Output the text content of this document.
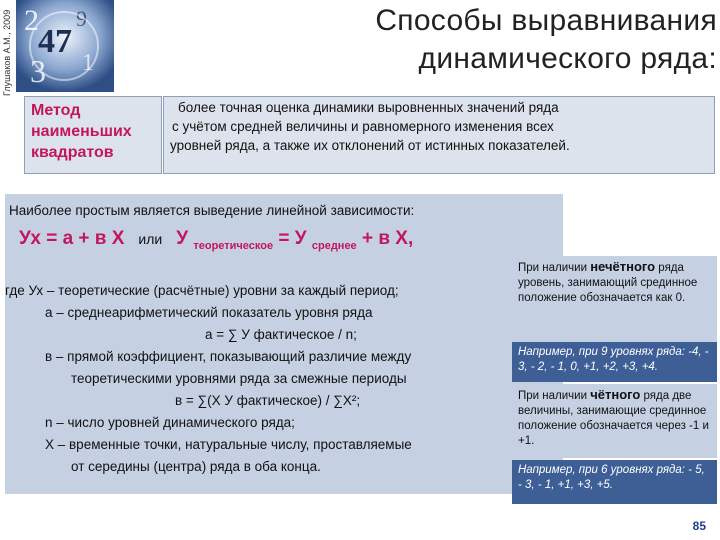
Глушаков А.М., 2009 2
47
3
9
1
Способы выравнивания
динамического ряда:
Метод
наименьших
квадратов
более точная оценка динамики выровненных значений ряда
с учётом средней величины и равномерного изменения всех
уровней ряда, а также их отклонений от истинных показателей.
Наиболее простым является выведение линейной зависимости:
Ух = а + в Х или У $_{теоретическое}$ = У $_{среднее}$ + в Х,
где Ух – теоретические (расчётные) уровни за каждый период;
а – среднеарифметический показатель уровня ряда
а = ∑ У фактическое / n;
в – прямой коэффициент, показывающий различие между
теоретическими уровнями ряда за смежные периоды
в = ∑(Х У фактическое) / ∑Х²;
n – число уровней динамического ряда;
Х – временные точки, натуральные числу, проставляемые
от середины (центра) ряда в оба конца.
При наличии нечётного ряда уровень, занимающий срединное положение обозначается как 0.
Например, при 9 уровнях ряда: -4, - 3, - 2, - 1, 0, +1, +2, +3, +4.
При наличии чётного ряда две величины, занимающие срединное положение обозначается через -1 и +1.
Например, при 6 уровнях ряда: - 5, - 3, - 1, +1, +3, +5.
85
